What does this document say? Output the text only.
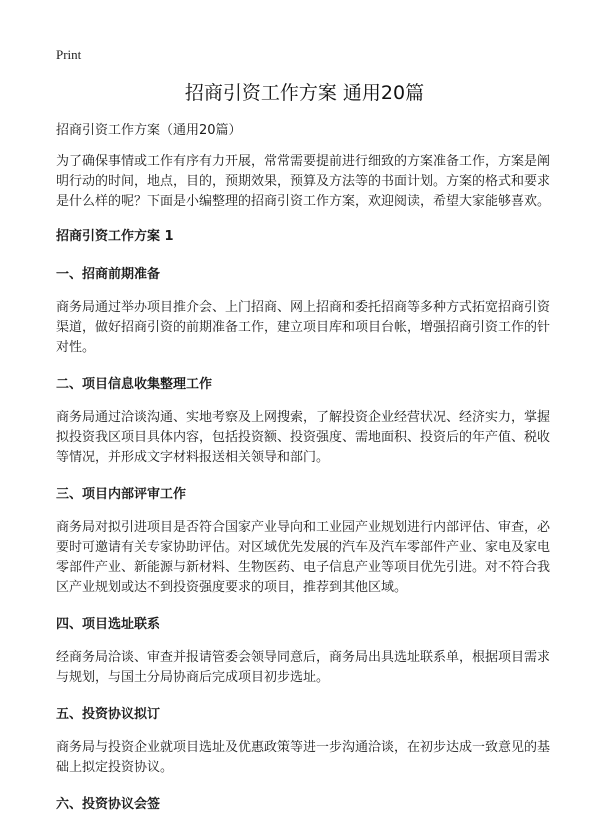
Print
招商引资工作方案 通用20篇

招商引资工作方案（通用20篇）

为了确保事情或工作有序有力开展，常常需要提前进行细致的方案准备工作，方案是阐明行动的时间，地点，目的，预期效果，预算及方法等的书面计划。方案的格式和要求是什么样的呢？下面是小编整理的招商引资工作方案，欢迎阅读，希望大家能够喜欢。

招商引资工作方案 1
一、招商前期准备

商务局通过举办项目推介会、上门招商、网上招商和委托招商等多种方式拓宽招商引资渠道，做好招商引资的前期准备工作，建立项目库和项目台帐，增强招商引资工作的针对性。

二、项目信息收集整理工作

商务局通过洽谈沟通、实地考察及上网搜索，了解投资企业经营状况、经济实力，掌握拟投资我区项目具体内容，包括投资额、投资强度、需地面积、投资后的年产值、税收等情况，并形成文字材料报送相关领导和部门。

三、项目内部评审工作

商务局对拟引进项目是否符合国家产业导向和工业园产业规划进行内部评估、审查，必要时可邀请有关专家协助评估。对区域优先发展的汽车及汽车零部件产业、家电及家电零部件产业、新能源与新材料、生物医药、电子信息产业等项目优先引进。对不符合我区产业规划或达不到投资强度要求的项目，推荐到其他区域。

四、项目选址联系

经商务局洽谈、审查并报请管委会领导同意后，商务局出具选址联系单，根据项目需求与规划，与国土分局协商后完成项目初步选址。

五、投资协议拟订

商务局与投资企业就项目选址及优惠政策等进一步沟通洽谈，在初步达成一致意见的基础上拟定投资协议。

六、投资协议会签
